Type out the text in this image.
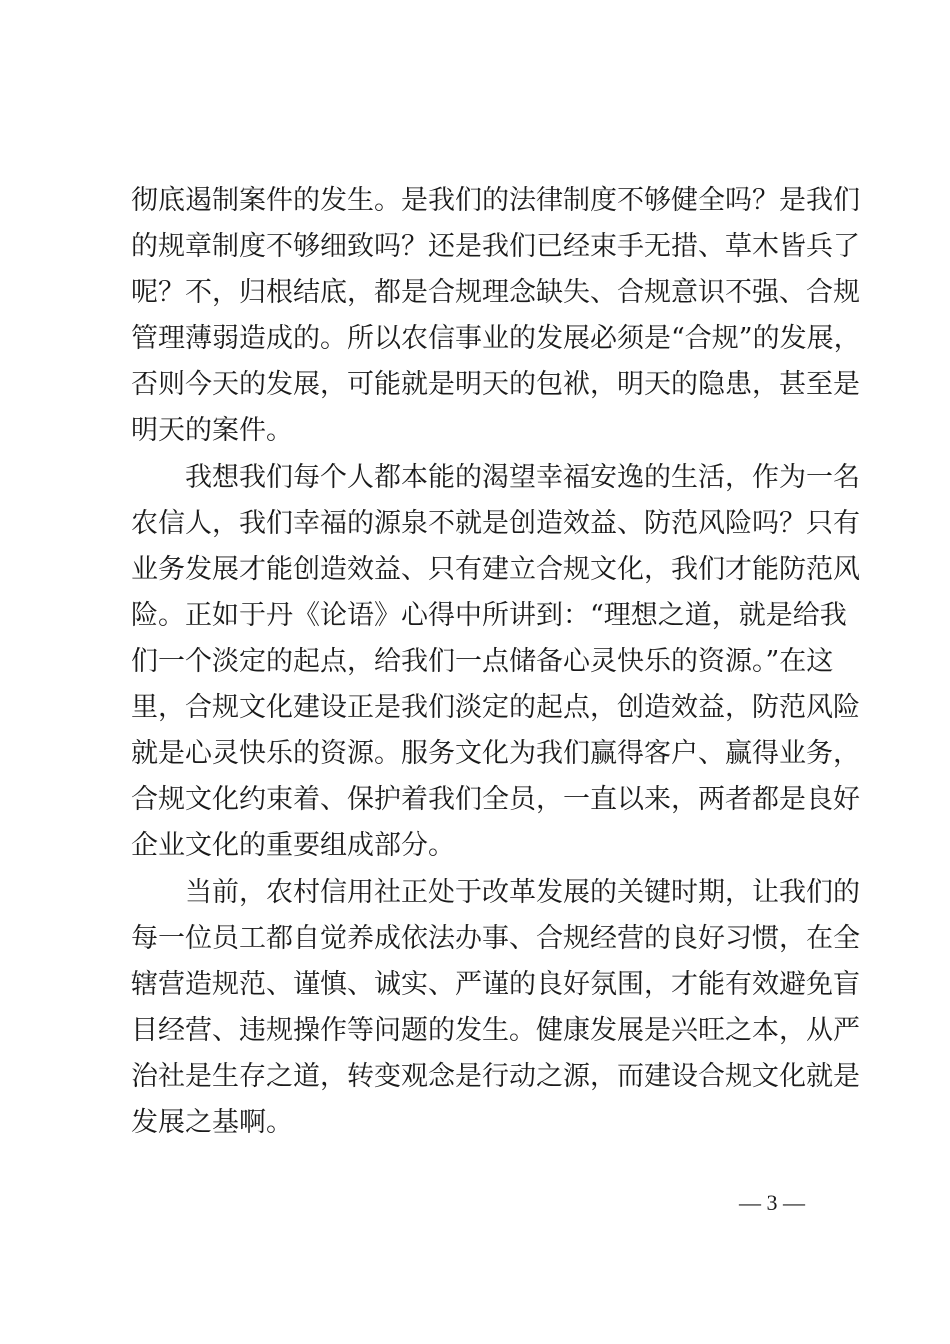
彻底遏制案件的发生。是我们的法律制度不够健全吗？是我们

的规章制度不够细致吗？还是我们已经束手无措、草木皆兵了

呢？不，归根结底，都是合规理念缺失、合规意识不强、合规

管理薄弱造成的。所以农信事业的发展必须是“合规”的发展，

否则今天的发展，可能就是明天的包袱，明天的隐患，甚至是

明天的案件。

我想我们每个人都本能的渴望幸福安逸的生活，作为一名

农信人，我们幸福的源泉不就是创造效益、防范风险吗？只有

业务发展才能创造效益、只有建立合规文化，我们才能防范风

险。正如于丹《论语》心得中所讲到：“理想之道，就是给我

们一个淡定的起点，给我们一点储备心灵快乐的资源。”在这

里，合规文化建设正是我们淡定的起点，创造效益，防范风险

就是心灵快乐的资源。服务文化为我们赢得客户、赢得业务，

合规文化约束着、保护着我们全员，一直以来，两者都是良好

企业文化的重要组成部分。

当前，农村信用社正处于改革发展的关键时期，让我们的

每一位员工都自觉养成依法办事、合规经营的良好习惯，在全

辖营造规范、谨慎、诚实、严谨的良好氛围，才能有效避免盲

目经营、违规操作等问题的发生。健康发展是兴旺之本，从严

治社是生存之道，转变观念是行动之源，而建设合规文化就是

发展之基啊。

— 3 —
